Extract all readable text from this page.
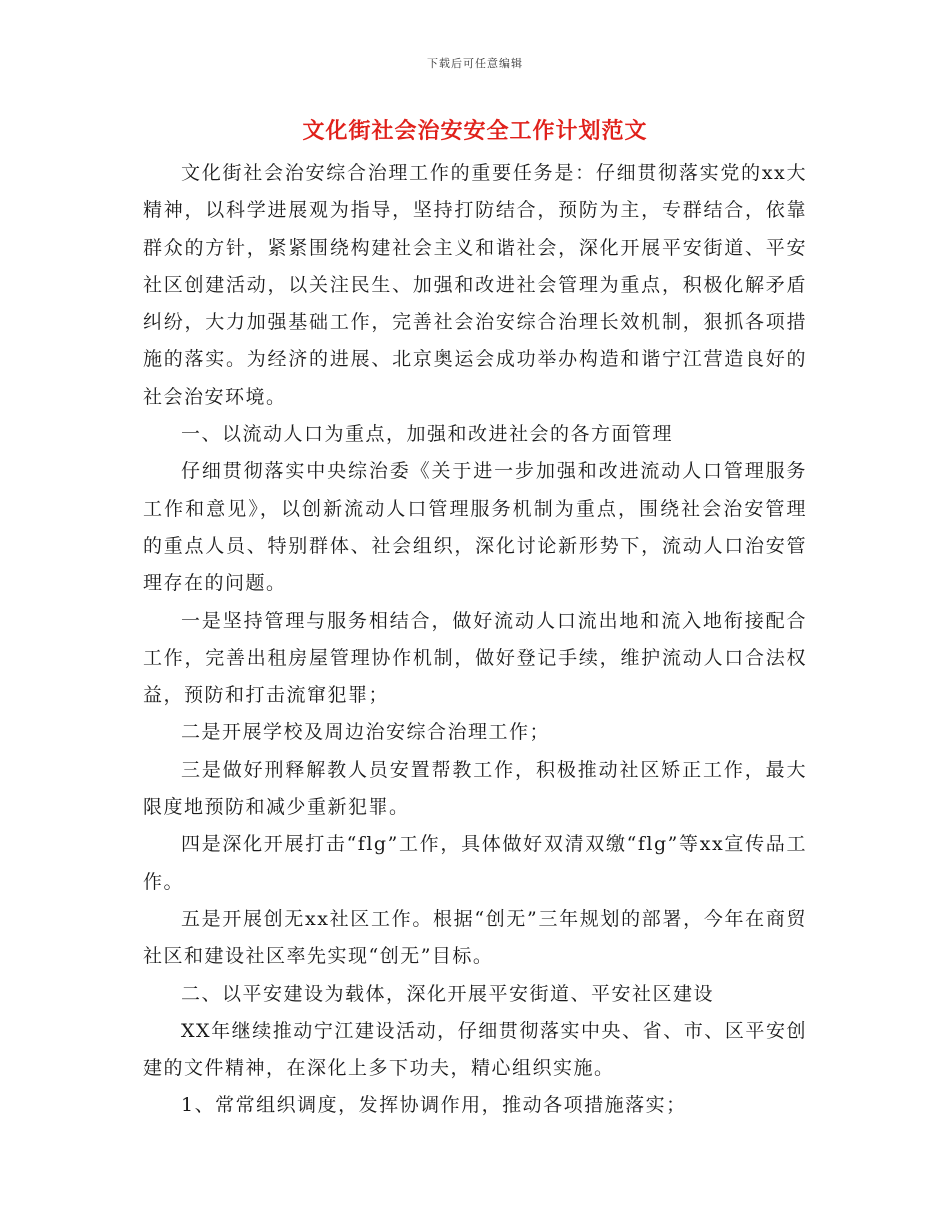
下载后可任意编辑
文化街社会治安安全工作计划范文

文化街社会治安综合治理工作的重要任务是：仔细贯彻落实党的xx大精神，以科学进展观为指导，坚持打防结合，预防为主，专群结合，依靠群众的方针，紧紧围绕构建社会主义和谐社会，深化开展平安街道、平安社区创建活动，以关注民生、加强和改进社会管理为重点，积极化解矛盾纠纷，大力加强基础工作，完善社会治安综合治理长效机制，狠抓各项措施的落实。为经济的进展、北京奥运会成功举办构造和谐宁江营造良好的社会治安环境。

一、以流动人口为重点，加强和改进社会的各方面管理

仔细贯彻落实中央综治委《关于进一步加强和改进流动人口管理服务工作和意见》，以创新流动人口管理服务机制为重点，围绕社会治安管理的重点人员、特别群体、社会组织，深化讨论新形势下，流动人口治安管理存在的问题。

一是坚持管理与服务相结合，做好流动人口流出地和流入地衔接配合工作，完善出租房屋管理协作机制，做好登记手续，维护流动人口合法权益，预防和打击流窜犯罪；

二是开展学校及周边治安综合治理工作；

三是做好刑释解教人员安置帮教工作，积极推动社区矫正工作，最大限度地预防和减少重新犯罪。

四是深化开展打击“flg”工作，具体做好双清双缴“flg”等xx宣传品工作。

五是开展创无xx社区工作。根据“创无”三年规划的部署，今年在商贸社区和建设社区率先实现“创无”目标。

二、以平安建设为载体，深化开展平安街道、平安社区建设

XX年继续推动宁江建设活动，仔细贯彻落实中央、省、市、区平安创建的文件精神，在深化上多下功夫，精心组织实施。

1、常常组织调度，发挥协调作用，推动各项措施落实；
